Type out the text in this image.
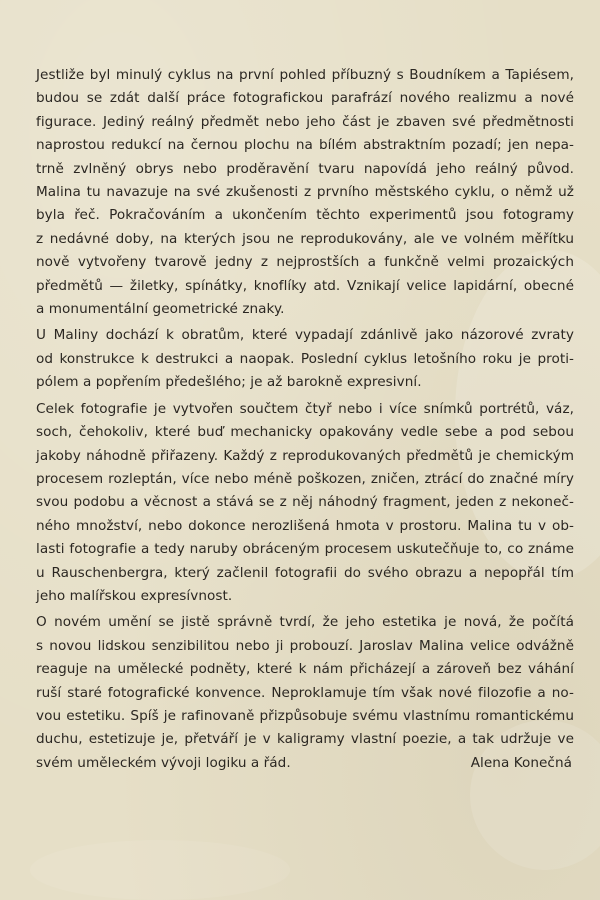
Jestliže byl minulý cyklus na první pohled příbuzný s Boudníkem a Tapiésem,
budou se zdát další práce fotografickou parafrází nového realizmu a nové
figurace. Jediný reálný předmět nebo jeho část je zbaven své předmětnosti
naprostou redukcí na černou plochu na bílém abstraktním pozadí; jen nepa-
trně zvlněný obrys nebo proděravění tvaru napovídá jeho reálný původ.
Malina tu navazuje na své zkušenosti z prvního městského cyklu, o němž už
byla řeč. Pokračováním a ukončením těchto experimentů jsou fotogramy
z nedávné doby, na kterých jsou ne reprodukovány, ale ve volném měřítku
nově vytvořeny tvarově jedny z nejprostších a funkčně velmi prozaických
předmětů — žiletky, spínátky, knoflíky atd. Vznikají velice lapidární, obecné
a monumentální geometrické znaky.
U Maliny dochází k obratům, které vypadají zdánlivě jako názorové zvraty
od konstrukce k destrukci a naopak. Poslední cyklus letošního roku je proti-
pólem a popřením předešlého; je až barokně expresivní.
Celek fotografie je vytvořen součtem čtyř nebo i více snímků portrétů, váz,
soch, čehokoliv, které buď mechanicky opakovány vedle sebe a pod sebou
jakoby náhodně přiřazeny. Každý z reprodukovaných předmětů je chemickým
procesem rozleptán, více nebo méně poškozen, zničen, ztrácí do značné míry
svou podobu a věcnost a stává se z něj náhodný fragment, jeden z nekoneč-
ného množství, nebo dokonce nerozlišená hmota v prostoru. Malina tu v ob-
lasti fotografie a tedy naruby obráceným procesem uskutečňuje to, co známe
u Rauschenbergra, který začlenil fotografii do svého obrazu a nepopřál tím
jeho malířskou expresívnost.
O novém umění se jistě správně tvrdí, že jeho estetika je nová, že počítá
s novou lidskou senzibilitou nebo ji probouzí. Jaroslav Malina velice odvážně
reaguje na umělecké podněty, které k nám přicházejí a zároveň bez váhání
ruší staré fotografické konvence. Neproklamuje tím však nové filozofie a no-
vou estetiku. Spíš je rafinovaně přizpůsobuje svému vlastnímu romantickému
duchu, estetizuje je, přetváří je v kaligramy vlastní poezie, a tak udržuje ve
svém uměleckém vývoji logiku a řád.	Alena Konečná
